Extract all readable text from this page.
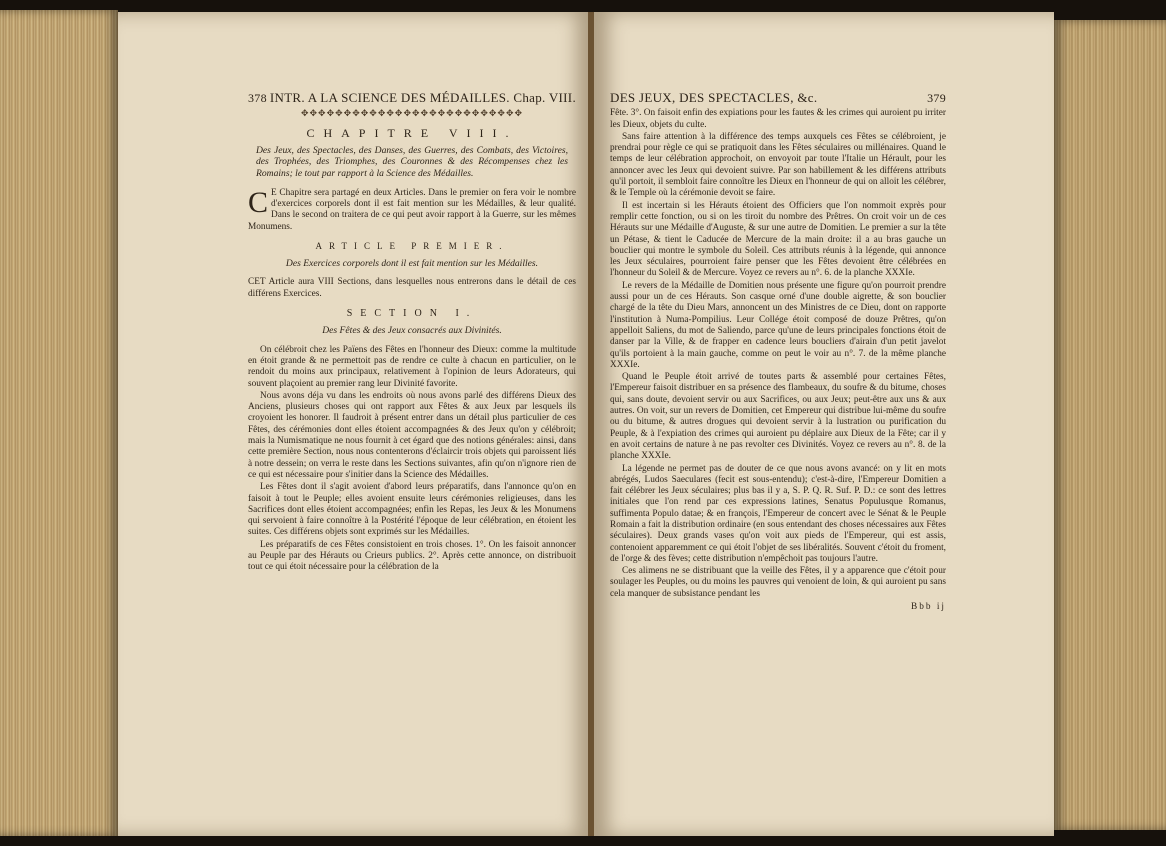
378 INTR. A LA SCIENCE DES MÉDAILLES. Chap. VIII.
✥✥✥✥✥✥✥✥✥✥✥✥✥✥✥✥✥✥✥✥✥✥✥✥✥✥
CHAPITRE VIII.
Des Jeux, des Spectacles, des Danses, des Guerres, des Combats, des Victoires, des Trophées, des Triomphes, des Couronnes & des Récompenses chez les Romains; le tout par rapport à la Science des Médailles.

C E Chapitre sera partagé en deux Articles. Dans le premier on fera voir le nombre d'exercices corporels dont il est fait mention sur les Médailles, & leur qualité. Dans le second on traitera de ce qui peut avoir rapport à la Guerre, sur les mêmes Monumens.

ARTICLE PREMIER.
Des Exercices corporels dont il est fait mention sur les Médailles.

CET Article aura VIII Sections, dans lesquelles nous entrerons dans le détail de ces différens Exercices.

SECTION I.
Des Fêtes & des Jeux consacrés aux Divinités.

On célébroit chez les Païens des Fêtes en l'honneur des Dieux: comme la multitude en étoit grande & ne permettoit pas de rendre ce culte à chacun en particulier, on le rendoit du moins aux principaux, relativement à l'opinion de leurs Adorateurs, qui souvent plaçoient au premier rang leur Divinité favorite.

Nous avons déja vu dans les endroits où nous avons parlé des différens Dieux des Anciens, plusieurs choses qui ont rapport aux Fêtes & aux Jeux par lesquels ils croyoient les honorer. Il faudroit à présent entrer dans un détail plus particulier de ces Fêtes, des cérémonies dont elles étoient accompagnées & des Jeux qu'on y célébroit; mais la Numismatique ne nous fournit à cet égard que des notions générales: ainsi, dans cette première Section, nous nous contenterons d'éclaircir trois objets qui paroissent liés à notre dessein; on verra le reste dans les Sections suivantes, afin qu'on n'ignore rien de ce qui est nécessaire pour s'initier dans la Science des Médailles.

Les Fêtes dont il s'agit avoient d'abord leurs préparatifs, dans l'annonce qu'on en faisoit à tout le Peuple; elles avoient ensuite leurs cérémonies religieuses, dans les Sacrifices dont elles étoient accompagnées; enfin les Repas, les Jeux & les Monumens qui servoient à faire connoître à la Postérité l'époque de leur célébration, en étoient les suites. Ces différens objets sont exprimés sur les Médailles.

Les préparatifs de ces Fêtes consistoient en trois choses. 1°. On les faisoit annoncer au Peuple par des Hérauts ou Crieurs publics. 2°. Après cette annonce, on distribuoit tout ce qui étoit nécessaire pour la célébration de la

DES JEUX, DES SPECTACLES, &c.	379

Fête. 3°. On faisoit enfin des expiations pour les fautes & les crimes qui auroient pu irriter les Dieux, objets du culte.

Sans faire attention à la différence des temps auxquels ces Fêtes se célébroient, je prendrai pour règle ce qui se pratiquoit dans les Fêtes séculaires ou millénaires. Quand le temps de leur célébration approchoit, on envoyoit par toute l'Italie un Hérault, pour les annoncer avec les Jeux qui devoient suivre. Par son habillement & les différens attributs qu'il portoit, il sembloit faire connoître les Dieux en l'honneur de qui on alloit les célébrer, & le Temple où la cérémonie devoit se faire.

Il est incertain si les Hérauts étoient des Officiers que l'on nommoit exprès pour remplir cette fonction, ou si on les tiroit du nombre des Prêtres. On croit voir un de ces Hérauts sur une Médaille d'Auguste, & sur une autre de Domitien. Le premier a sur la tête un Pétase, & tient le Caducée de Mercure de la main droite: il a au bras gauche un bouclier qui montre le symbole du Soleil. Ces attributs réunis à la légende, qui annonce les Jeux séculaires, pourroient faire penser que les Fêtes devoient être célébrées en l'honneur du Soleil & de Mercure. Voyez ce revers au n°. 6. de la planche XXXIe.

Le revers de la Médaille de Domitien nous présente une figure qu'on pourroit prendre aussi pour un de ces Hérauts. Son casque orné d'une double aigrette, & son bouclier chargé de la tête du Dieu Mars, annoncent un des Ministres de ce Dieu, dont on rapporte l'institution à Numa-Pompilius. Leur Collége étoit composé de douze Prêtres, qu'on appelloit Saliens, du mot de Saliendo, parce qu'une de leurs principales fonctions étoit de danser par la Ville, & de frapper en cadence leurs boucliers d'airain d'un petit javelot qu'ils portoient à la main gauche, comme on peut le voir au n°. 7. de la même planche XXXIe.

Quand le Peuple étoit arrivé de toutes parts & assemblé pour certaines Fêtes, l'Empereur faisoit distribuer en sa présence des flambeaux, du soufre & du bitume, choses qui, sans doute, devoient servir ou aux Sacrifices, ou aux Jeux; peut-être aux uns & aux autres. On voit, sur un revers de Domitien, cet Empereur qui distribue lui-même du soufre ou du bitume, & autres drogues qui devoient servir à la lustration ou purification du Peuple, & à l'expiation des crimes qui auroient pu déplaire aux Dieux de la Fête; car il y en avoit certains de nature à ne pas revolter ces Divinités. Voyez ce revers au n°. 8. de la planche XXXIe.

La légende ne permet pas de douter de ce que nous avons avancé: on y lit en mots abrégés, Ludos Saeculares (fecit est sous-entendu); c'est-à-dire, l'Empereur Domitien a fait célébrer les Jeux séculaires; plus bas il y a, S. P. Q. R. Suf. P. D.: ce sont des lettres initiales que l'on rend par ces expressions latines, Senatus Populusque Romanus, suffimenta Populo datae; & en françois, l'Empereur de concert avec le Sénat & le Peuple Romain a fait la distribution ordinaire (en sous entendant des choses nécessaires aux Fêtes séculaires). Deux grands vases qu'on voit aux pieds de l'Empereur, qui est assis, contenoient apparemment ce qui étoit l'objet de ses libéralités. Souvent c'étoit du froment, de l'orge & des fèves; cette distribution n'empêchoit pas toujours l'autre.

Ces alimens ne se distribuant que la veille des Fêtes, il y a apparence que c'étoit pour soulager les Peuples, ou du moins les pauvres qui venoient de loin, & qui auroient pu sans cela manquer de subsistance pendant les

Bbb ij
